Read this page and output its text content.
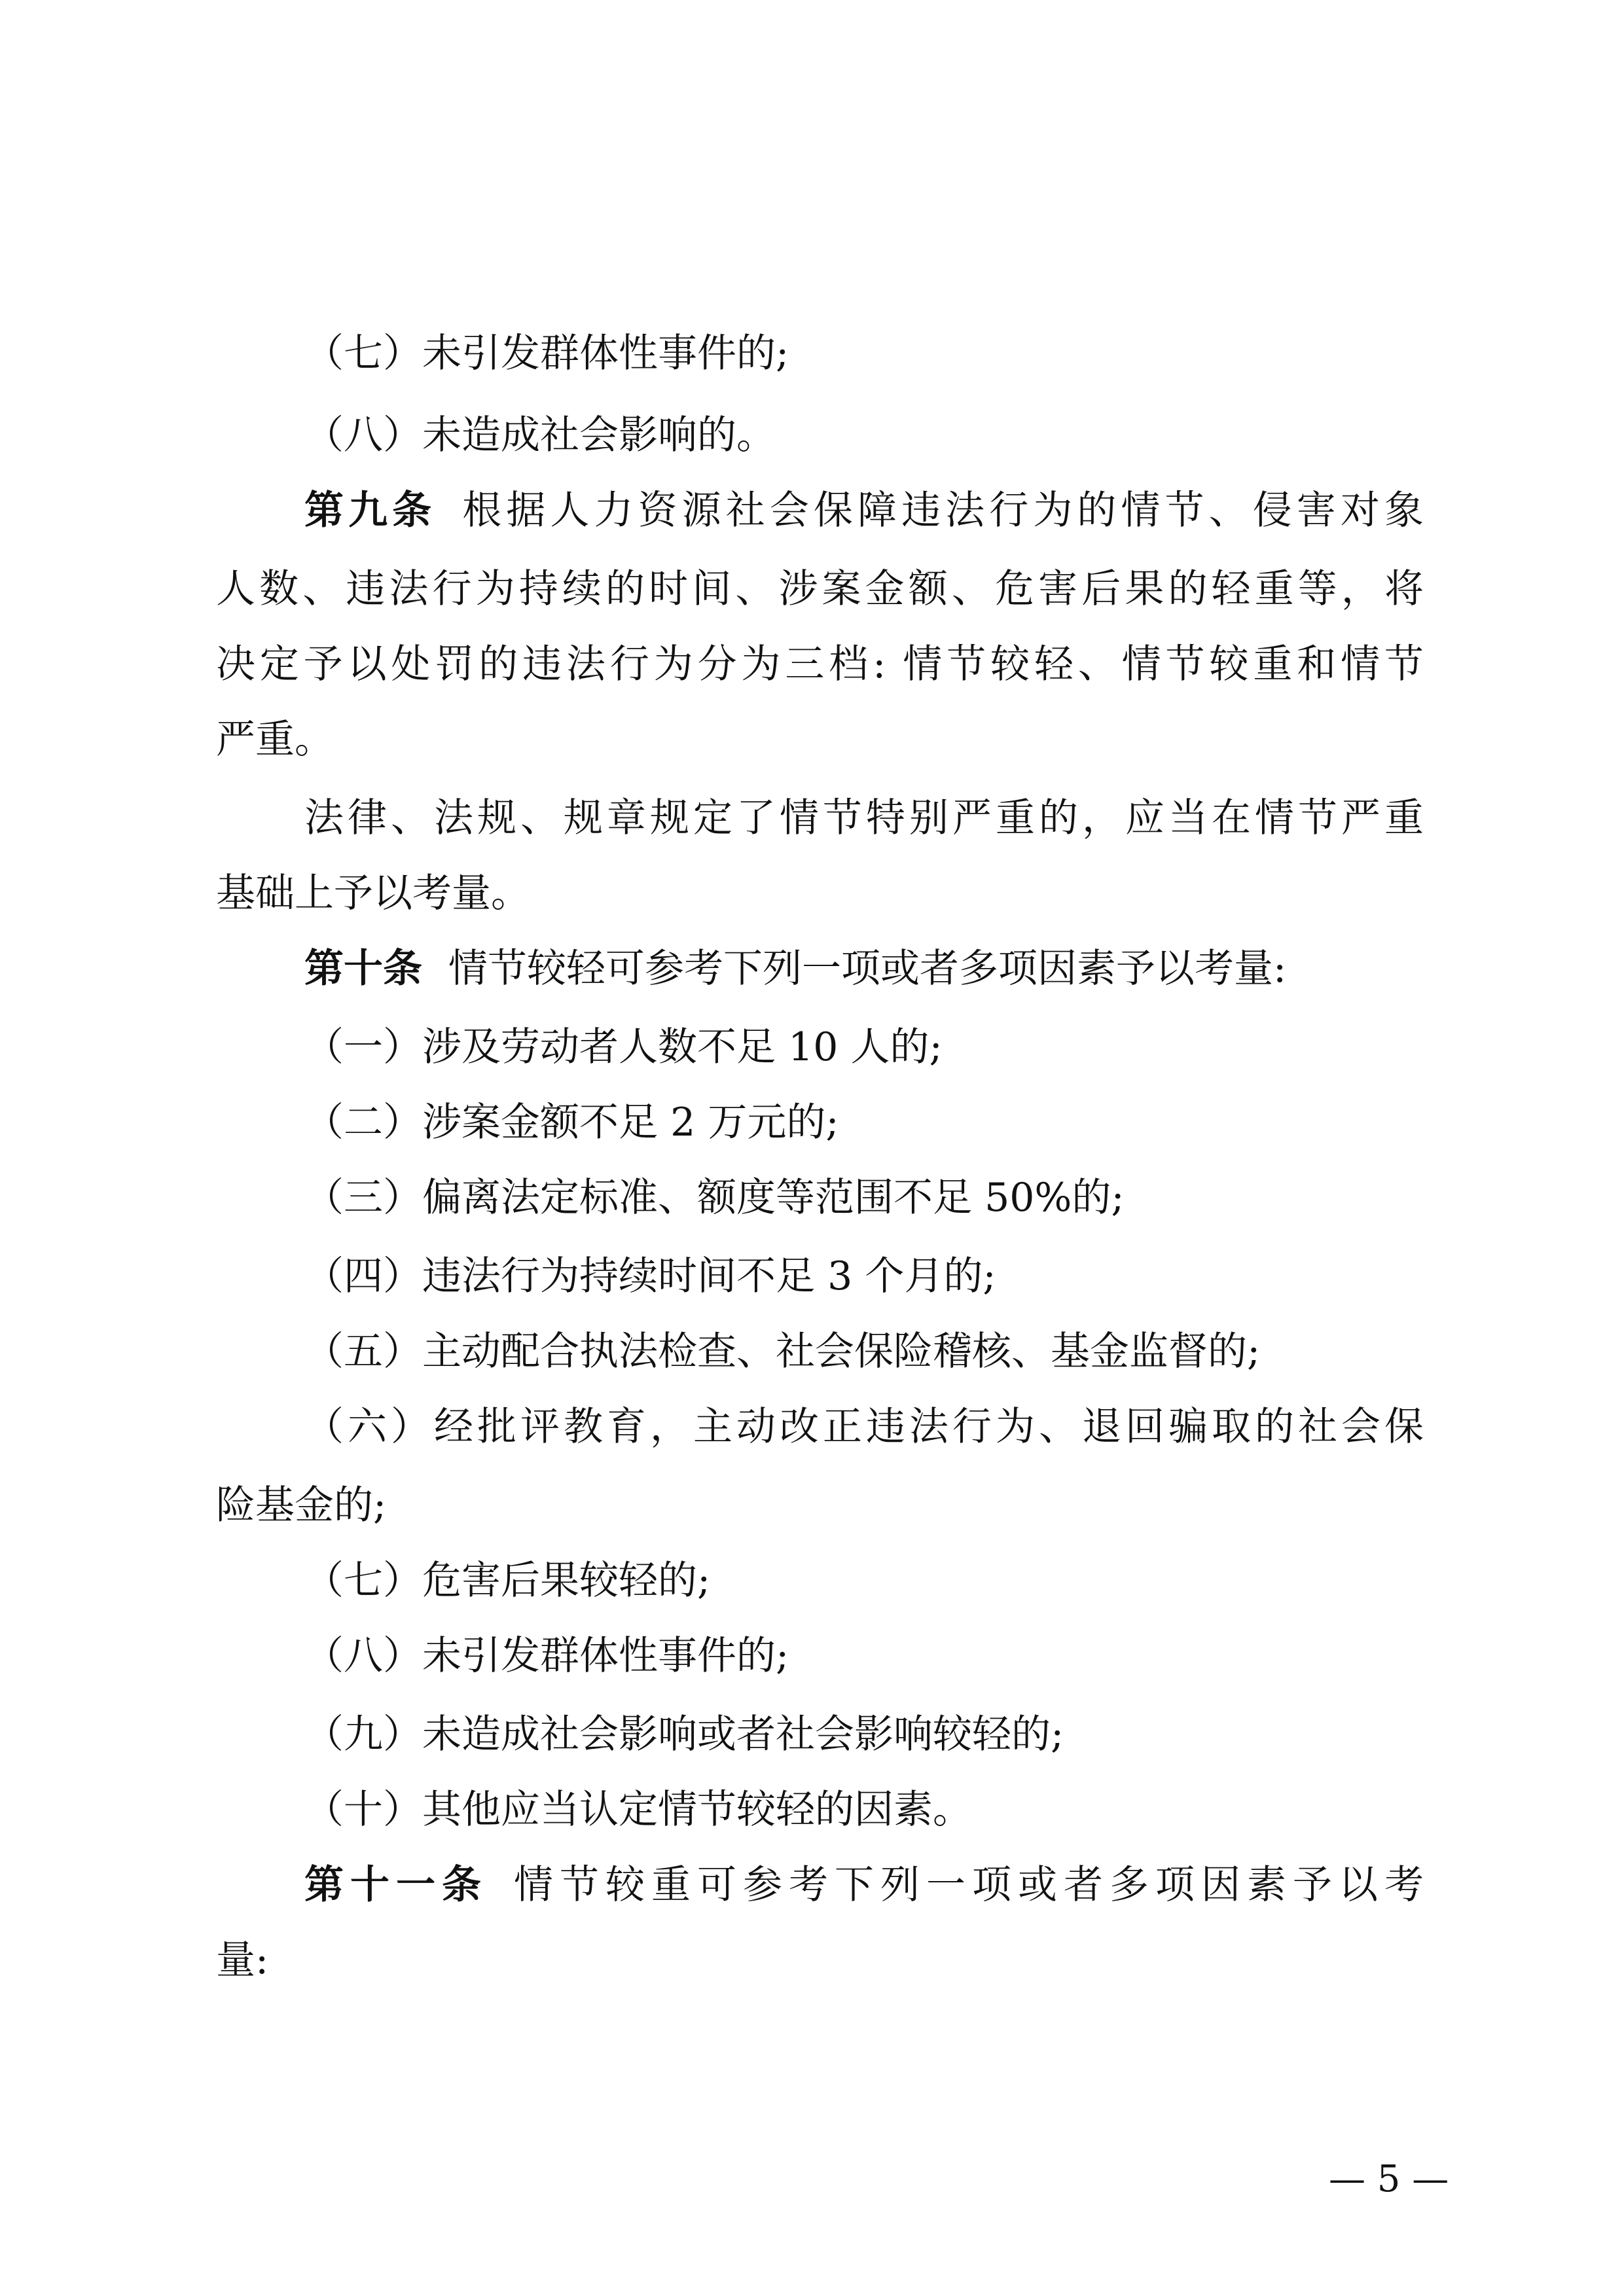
（七）未引发群体性事件的;
（八）未造成社会影响的。
第九条 根据人力资源社会保障违法行为的情节、侵害对象
人数、违法行为持续的时间、涉案金额、危害后果的轻重等，将
决定予以处罚的违法行为分为三档: 情节较轻、情节较重和情节
严重。
法律、法规、规章规定了情节特别严重的，应当在情节严重
基础上予以考量。
第十条 情节较轻可参考下列一项或者多项因素予以考量:
（一）涉及劳动者人数不足 10 人的;
（二）涉案金额不足 2 万元的;
（三）偏离法定标准、额度等范围不足 50%的;
（四）违法行为持续时间不足 3 个月的;
（五）主动配合执法检查、社会保险稽核、基金监督的;
（六）经批评教育，主动改正违法行为、退回骗取的社会保
险基金的;
（七）危害后果较轻的;
（八）未引发群体性事件的;
（九）未造成社会影响或者社会影响较轻的;
（十）其他应当认定情节较轻的因素。
第十一条 情节较重可参考下列一项或者多项因素予以考
量:
— 5 —
